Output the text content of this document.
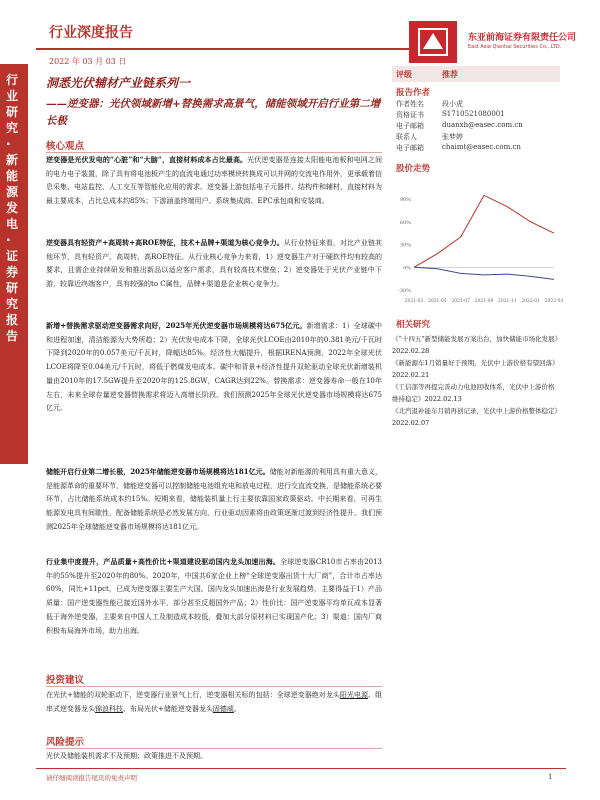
行业深度报告
2022 年 03 月 03 日
东亚前海证券有限责任公司
East Asia Qianhai Securities Co., LTD.
行业研究·新能源发电·证券研究报告
洞悉光伏辅材产业链系列一
——逆变器：光伏领域新增+替换需求高景气，储能领域开启行业第二增长极
核心观点
逆变器是光伏发电的“心脏”和“大脑”，直接材料成本占比最高。光伏逆变器是连接太阳能电池板和电网之间的电力电子装置，除了具有将电池板产生的直流电通过功率模块转换成可以并网的交流电作用外，更承载着信息采集、电站监控、人工交互等智能化应用的需求。逆变器上游包括电子元器件、结构件和辅材，直接材料为最主要成本，占比总成本约85%；下游涵盖终端用户、系统集成商、EPC承包商和安装商。
逆变器具有轻资产+高周转+高ROE特征，技术+品牌+渠道为核心竞争力。从行业特征来看，对比产业链其他环节，具有轻资产、高周转、高ROE特征。从行业核心竞争力来看，1）逆变器生产对于硬软件均有较高的要求，且需企业持续研发和推出新品以适应客户需求，具有较高技术壁垒；2）逆变器处于光伏产业链中下游，较靠近终端客户，具有较强的to C属性，品牌+渠道是企业核心竞争力。
新增+替换需求驱动逆变器需求向好，2025年光伏逆变器市场规模将达675亿元。新增需求：1）全球碳中和进程加速，清洁能源为大势所趋；2）光伏发电成本下降，全球光伏LCOE由2010年的0.381美元/千瓦时下降到2020年的0.057美元/千瓦时，降幅达85%。经济性大幅提升，根据IRENA预测，2022年全球光伏LCOE将降至0.04美元/千瓦时，将低于燃煤发电成本。碳中和背景+经济性提升双轮驱动全球光伏新增装机量由2010年的17.5GW提升至2020年的125.8GW，CAGR达到22%。替换需求：逆变器寿命一般在10年左右，未来全球存量逆变器替换需求将迈入高增长阶段。我们预测2025年全球光伏逆变器市场规模将达675亿元。
储能开启行业第二增长极，2025年储能逆变器市场规模将达181亿元。储能对新能源的利用具有重大意义，是能源革命的重要环节，储能逆变器可以控制储能电池组充电和放电过程，进行交直流变换，是储能系统必要环节，占比储能系统成本约15%。短期来看，储能装机量上行主要依靠国家政策驱动。中长期来看，可再生能源发电具有间歇性，配备储能系统是必然发展方向，行业驱动因素将由政策逐渐过渡到经济性提升。我们预测2025年全球储能逆变器市场规模将达181亿元。
行业集中度提升，产品质量+高性价比+渠道建设驱动国内龙头加速出海。全球逆变器CR10市占率由2013年的55%提升至2020年的80%。2020年，中国共6家企业上榜“全球逆变器出货十大厂商”，合计市占率达60%，同比+11pct，已成为逆变器主要生产大国。国内龙头加速出海是行业发展趋势，主要得益于1）产品质量：国产逆变器性能已接近国外水平，部分甚至反超国外产品；2）性价比：国产逆变器平均单瓦成本显著低于海外逆变器，主要来自中国人工及制造成本较低，叠加大部分原材料已实现国产化；3）渠道：国内厂商积极布局海外市场，助力出海。
投资建议
在光伏+储能的双轮驱动下，逆变器行业景气上行，逆变器相关标的包括：全球逆变器绝对龙头阳光电源、组串式逆变器龙头锦浪科技、布局光伏+储能逆变器龙头固德威。
风险提示
光伏及储能装机需求不及预期；政策推进不及预期。
评级	推荐
报告作者
作者姓名	段小虎
资格证书	S1710521080001
电子邮箱	duanxh@easec.com.cn
联系人	张梦婷
电子邮箱	chaimt@easec.com.cn
股价走势
-30%
0%
30%
60%
90%
2021-03 2021-05 2021-07 2021-09 2021-11 2022-01 2022-03
相关研究
《“十四五”新型储能发展方案出台，加快储能市场化发展》2022.02.28
《新能源车1月销量好于预期，光伏中上游价格有望回落》2022.02.21
《工信部等再提完善动力电池回收体系，光伏中上游价格维持稳定》2022.02.13
《北汽退补能车月销再创记录，光伏中上游价格整体稳定》2022.02.07
请仔细阅读报告尾页的免责声明	1
